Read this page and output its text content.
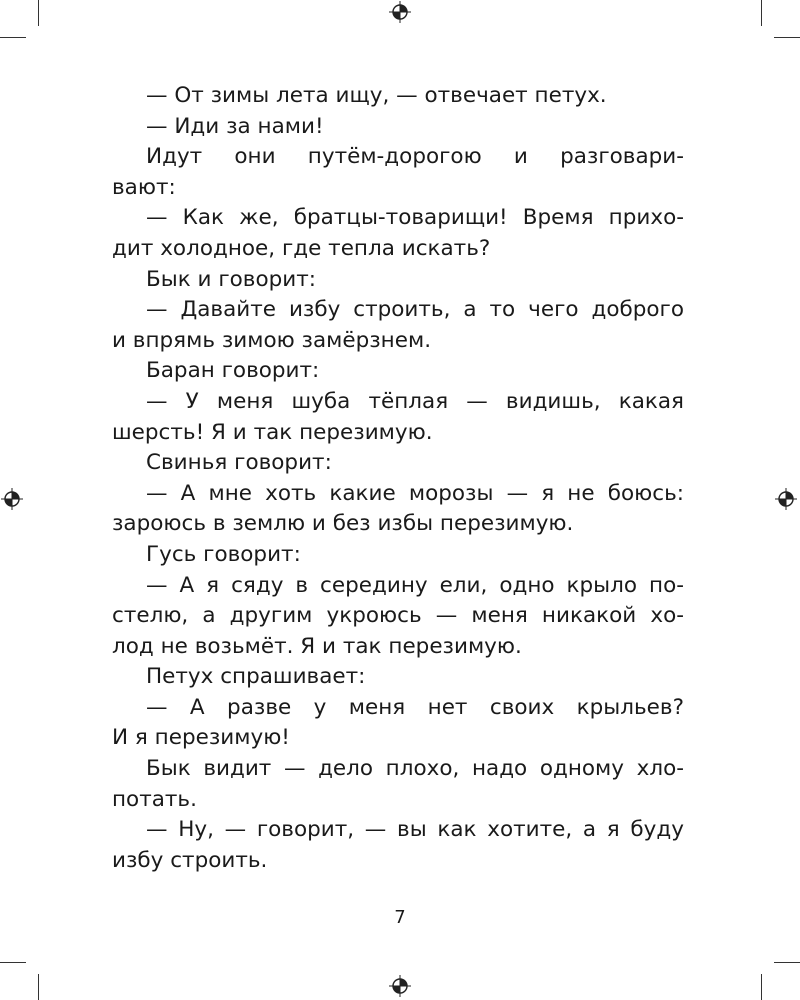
— От зимы лета ищу, — отвечает петух.
— Иди за нами!
Идут они путём-дорогою и разговари-
вают:
— Как же, братцы-товарищи! Время прихо-
дит холодное, где тепла искать?
Бык и говорит:
— Давайте избу строить, а то чего доброго
и впрямь зимою замёрзнем.
Баран говорит:
— У меня шуба тёплая — видишь, какая
шерсть! Я и так перезимую.
Свинья говорит:
— А мне хоть какие морозы — я не боюсь:
зароюсь в землю и без избы перезимую.
Гусь говорит:
— А я сяду в середину ели, одно крыло по-
стелю, а другим укроюсь — меня никакой хо-
лод не возьмёт. Я и так перезимую.
Петух спрашивает:
— А разве у меня нет своих крыльев?
И я перезимую!
Бык видит — дело плохо, надо одному хло-
потать.
— Ну, — говорит, — вы как хотите, а я буду
избу строить.
7
